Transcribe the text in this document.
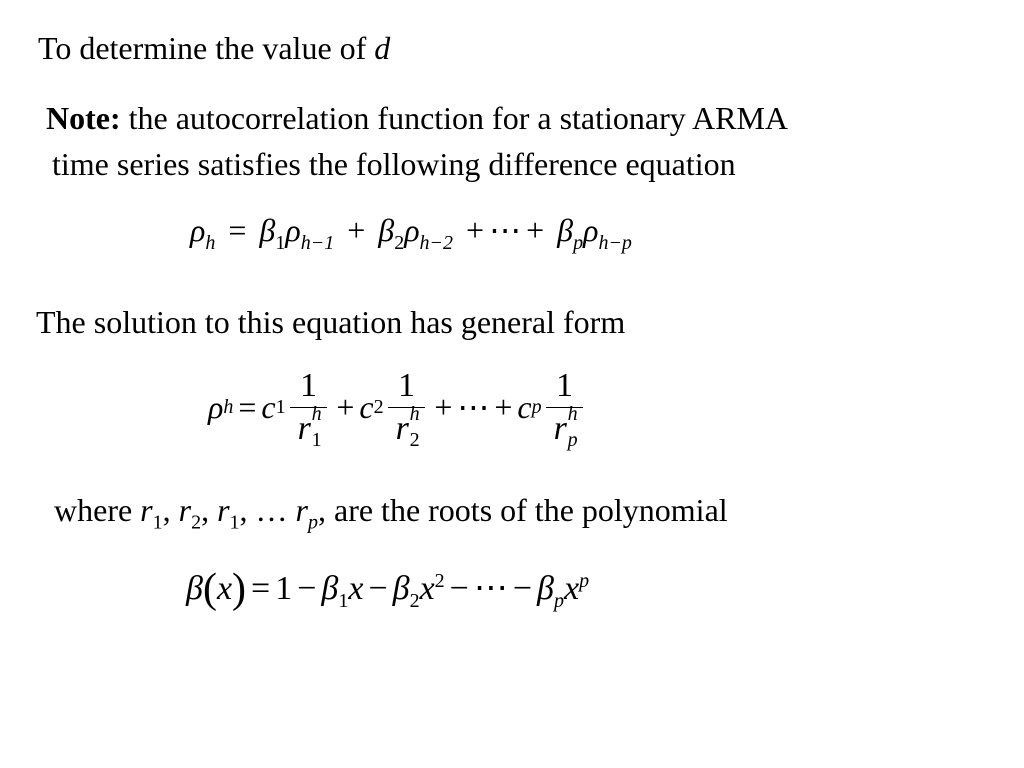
To determine the value of d
Note: the autocorrelation function for a stationary ARMA
time series satisfies the following difference equation
$\rho_h = \beta_1\rho_{h-1} + \beta_2\rho_{h-2}$ + ⋯ + $\beta_p\rho_{h-p}$
The solution to this equation has general form
ρ h = c 1 1
r h
1
+ c 2 1
r h
2
+ ⋯ + c p 1
r h
p

where $r_1$, $r_2$, $r_1$, … $r_p$, are the roots of the polynomial
$\beta(x) = 1 - \beta_1x - \beta_2x^2$ − ⋯ − $\beta_px^p$
